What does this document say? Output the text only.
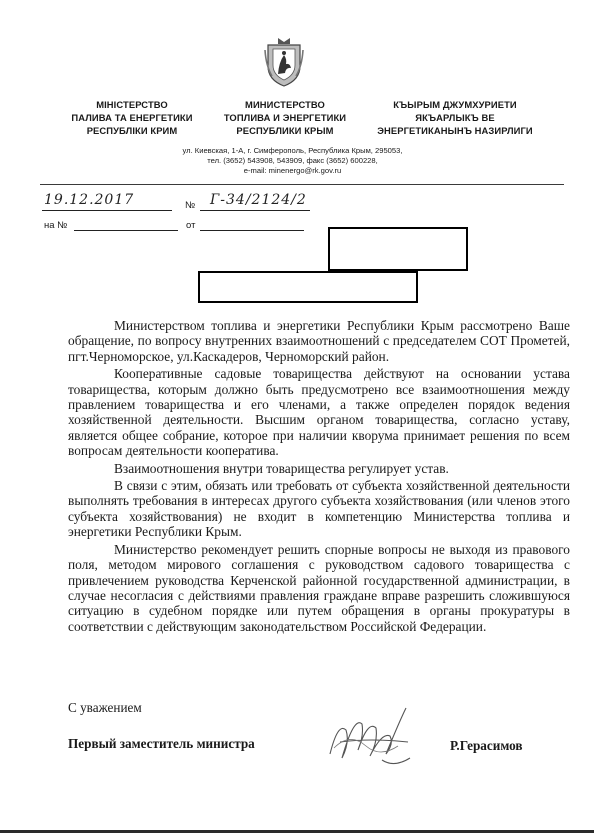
МІНІСТЕРСТВО
ПАЛИВА ТА ЕНЕРГЕТИКИ
РЕСПУБЛІКИ КРИМ
МИНИСТЕРСТВО
ТОПЛИВА И ЭНЕРГЕТИКИ
РЕСПУБЛИКИ КРЫМ
КЪЫРЫМ ДЖУМХУРИЕТИ
ЯКЪАРЛЫКЪ ВЕ
ЭНЕРГЕТИКАНЫНЪ НАЗИРЛИГИ
ул. Киевская, 1-А, г. Симферополь, Республика Крым, 295053,
тел. (3652) 543908, 543909, факс (3652) 600228,
e-mail: minenergo@rk.gov.ru
19.12.2017	№ Г-34/2124/2
на №	от

Министерством топлива и энергетики Республики Крым рассмотрено Ваше обращение, по вопросу внутренних взаимоотношений с председателем СОТ Прометей, пгт.Черноморское, ул.Каскадеров, Черноморский район.

Кооперативные садовые товарищества действуют на основании устава товарищества, которым должно быть предусмотрено все взаимоотношения между правлением товарищества и его членами, а также определен порядок ведения хозяйственной деятельности. Высшим органом товарищества, согласно уставу, является общее собрание, которое при наличии кворума принимает решения по всем вопросам деятельности кооператива.

Взаимоотношения внутри товарищества регулирует устав.

В связи с этим, обязать или требовать от субъекта хозяйственной деятельности выполнять требования в интересах другого субъекта хозяйствования (или членов этого субъекта хозяйствования) не входит в компетенцию Министерства топлива и энергетики Республики Крым.

Министерство рекомендует решить спорные вопросы не выходя из правового поля, методом мирового соглашения с руководством садового товарищества с привлечением руководства Керченской районной государственной администрации, в случае несогласия с действиями правления граждане вправе разрешить сложившуюся ситуацию в судебном порядке или путем обращения в органы прокуратуры в соответствии с действующим законодательством Российской Федерации.

С уважением
Первый заместитель министра	Р.Герасимов
